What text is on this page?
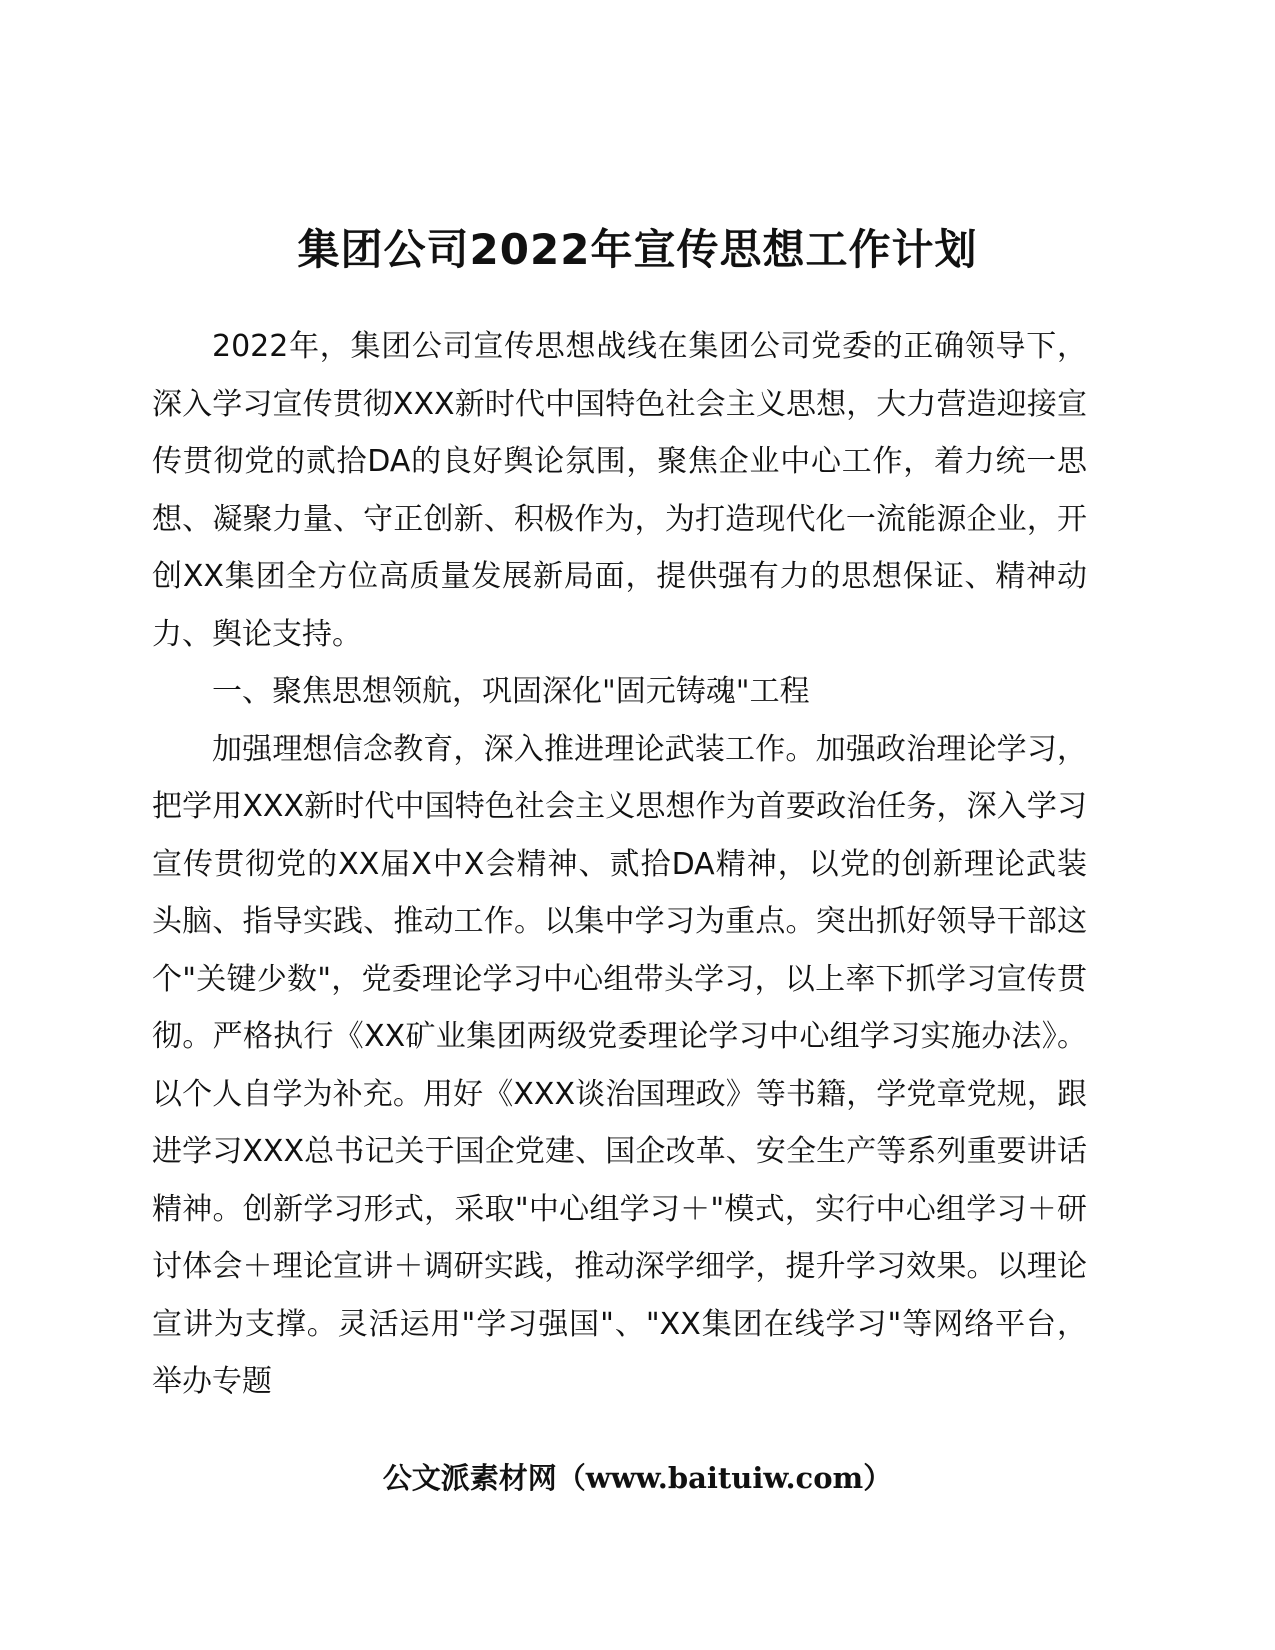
集团公司2022年宣传思想工作计划

2022年，集团公司宣传思想战线在集团公司党委的正确领导下，深入学习宣传贯彻XXX新时代中国特色社会主义思想，大力营造迎接宣传贯彻党的贰拾DA的良好舆论氛围，聚焦企业中心工作，着力统一思想、凝聚力量、守正创新、积极作为，为打造现代化一流能源企业，开创XX集团全方位高质量发展新局面，提供强有力的思想保证、精神动力、舆论支持。

一、聚焦思想领航，巩固深化"固元铸魂"工程

加强理想信念教育，深入推进理论武装工作。加强政治理论学习，把学用XXX新时代中国特色社会主义思想作为首要政治任务，深入学习宣传贯彻党的XX届X中X会精神、贰拾DA精神，以党的创新理论武装头脑、指导实践、推动工作。以集中学习为重点。突出抓好领导干部这个"关键少数"，党委理论学习中心组带头学习，以上率下抓学习宣传贯彻。严格执行《XX矿业集团两级党委理论学习中心组学习实施办法》。以个人自学为补充。用好《XXX谈治国理政》等书籍，学党章党规，跟进学习XXX总书记关于国企党建、国企改革、安全生产等系列重要讲话精神。创新学习形式，采取"中心组学习＋"模式，实行中心组学习＋研讨体会＋理论宣讲＋调研实践，推动深学细学，提升学习效果。以理论宣讲为支撑。灵活运用"学习强国"、"XX集团在线学习"等网络平台，举办专题

公文派素材网（www.baituiw.com）
